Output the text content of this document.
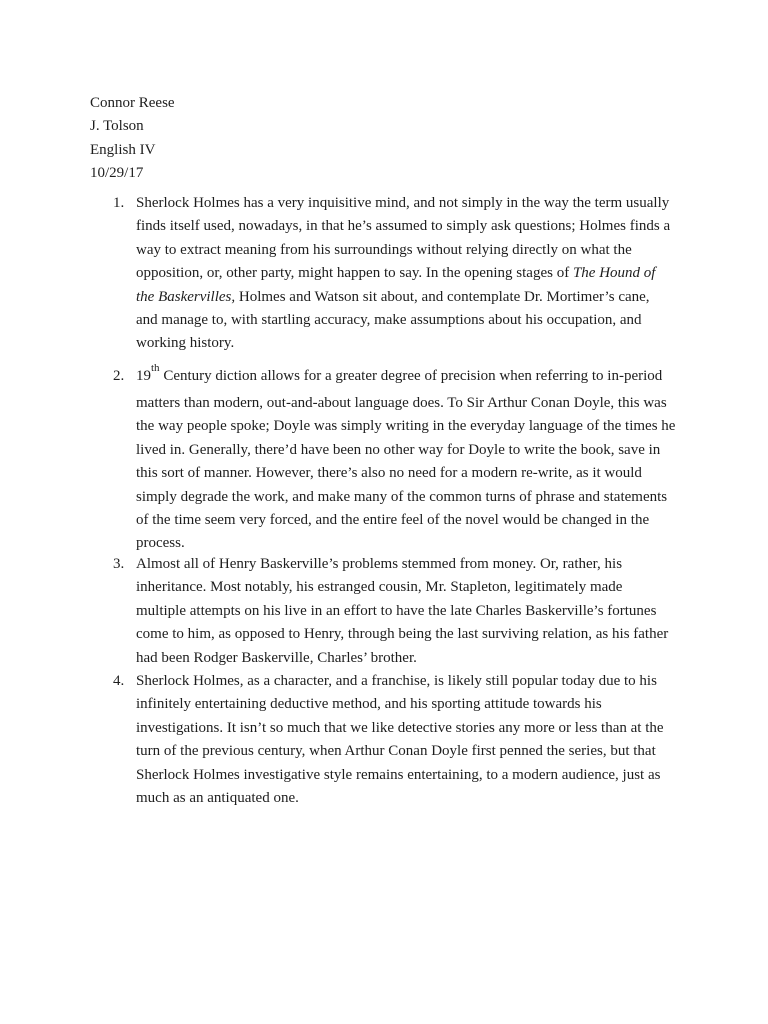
Connor Reese
J. Tolson
English IV
10/29/17
1. Sherlock Holmes has a very inquisitive mind, and not simply in the way the term usually
finds itself used, nowadays, in that he’s assumed to simply ask questions; Holmes finds a
way to extract meaning from his surroundings without relying directly on what the
opposition, or, other party, might happen to say. In the opening stages of The Hound of
the Baskervilles, Holmes and Watson sit about, and contemplate Dr. Mortimer’s cane,
and manage to, with startling accuracy, make assumptions about his occupation, and
working history.
2. 19th Century diction allows for a greater degree of precision when referring to in-period
matters than modern, out-and-about language does. To Sir Arthur Conan Doyle, this was
the way people spoke; Doyle was simply writing in the everyday language of the times he
lived in. Generally, there’d have been no other way for Doyle to write the book, save in
this sort of manner. However, there’s also no need for a modern re-write, as it would
simply degrade the work, and make many of the common turns of phrase and statements
of the time seem very forced, and the entire feel of the novel would be changed in the
process.
3. Almost all of Henry Baskerville’s problems stemmed from money. Or, rather, his
inheritance. Most notably, his estranged cousin, Mr. Stapleton, legitimately made
multiple attempts on his live in an effort to have the late Charles Baskerville’s fortunes
come to him, as opposed to Henry, through being the last surviving relation, as his father
had been Rodger Baskerville, Charles’ brother.
4. Sherlock Holmes, as a character, and a franchise, is likely still popular today due to his
infinitely entertaining deductive method, and his sporting attitude towards his
investigations. It isn’t so much that we like detective stories any more or less than at the
turn of the previous century, when Arthur Conan Doyle first penned the series, but that
Sherlock Holmes investigative style remains entertaining, to a modern audience, just as
much as an antiquated one.
